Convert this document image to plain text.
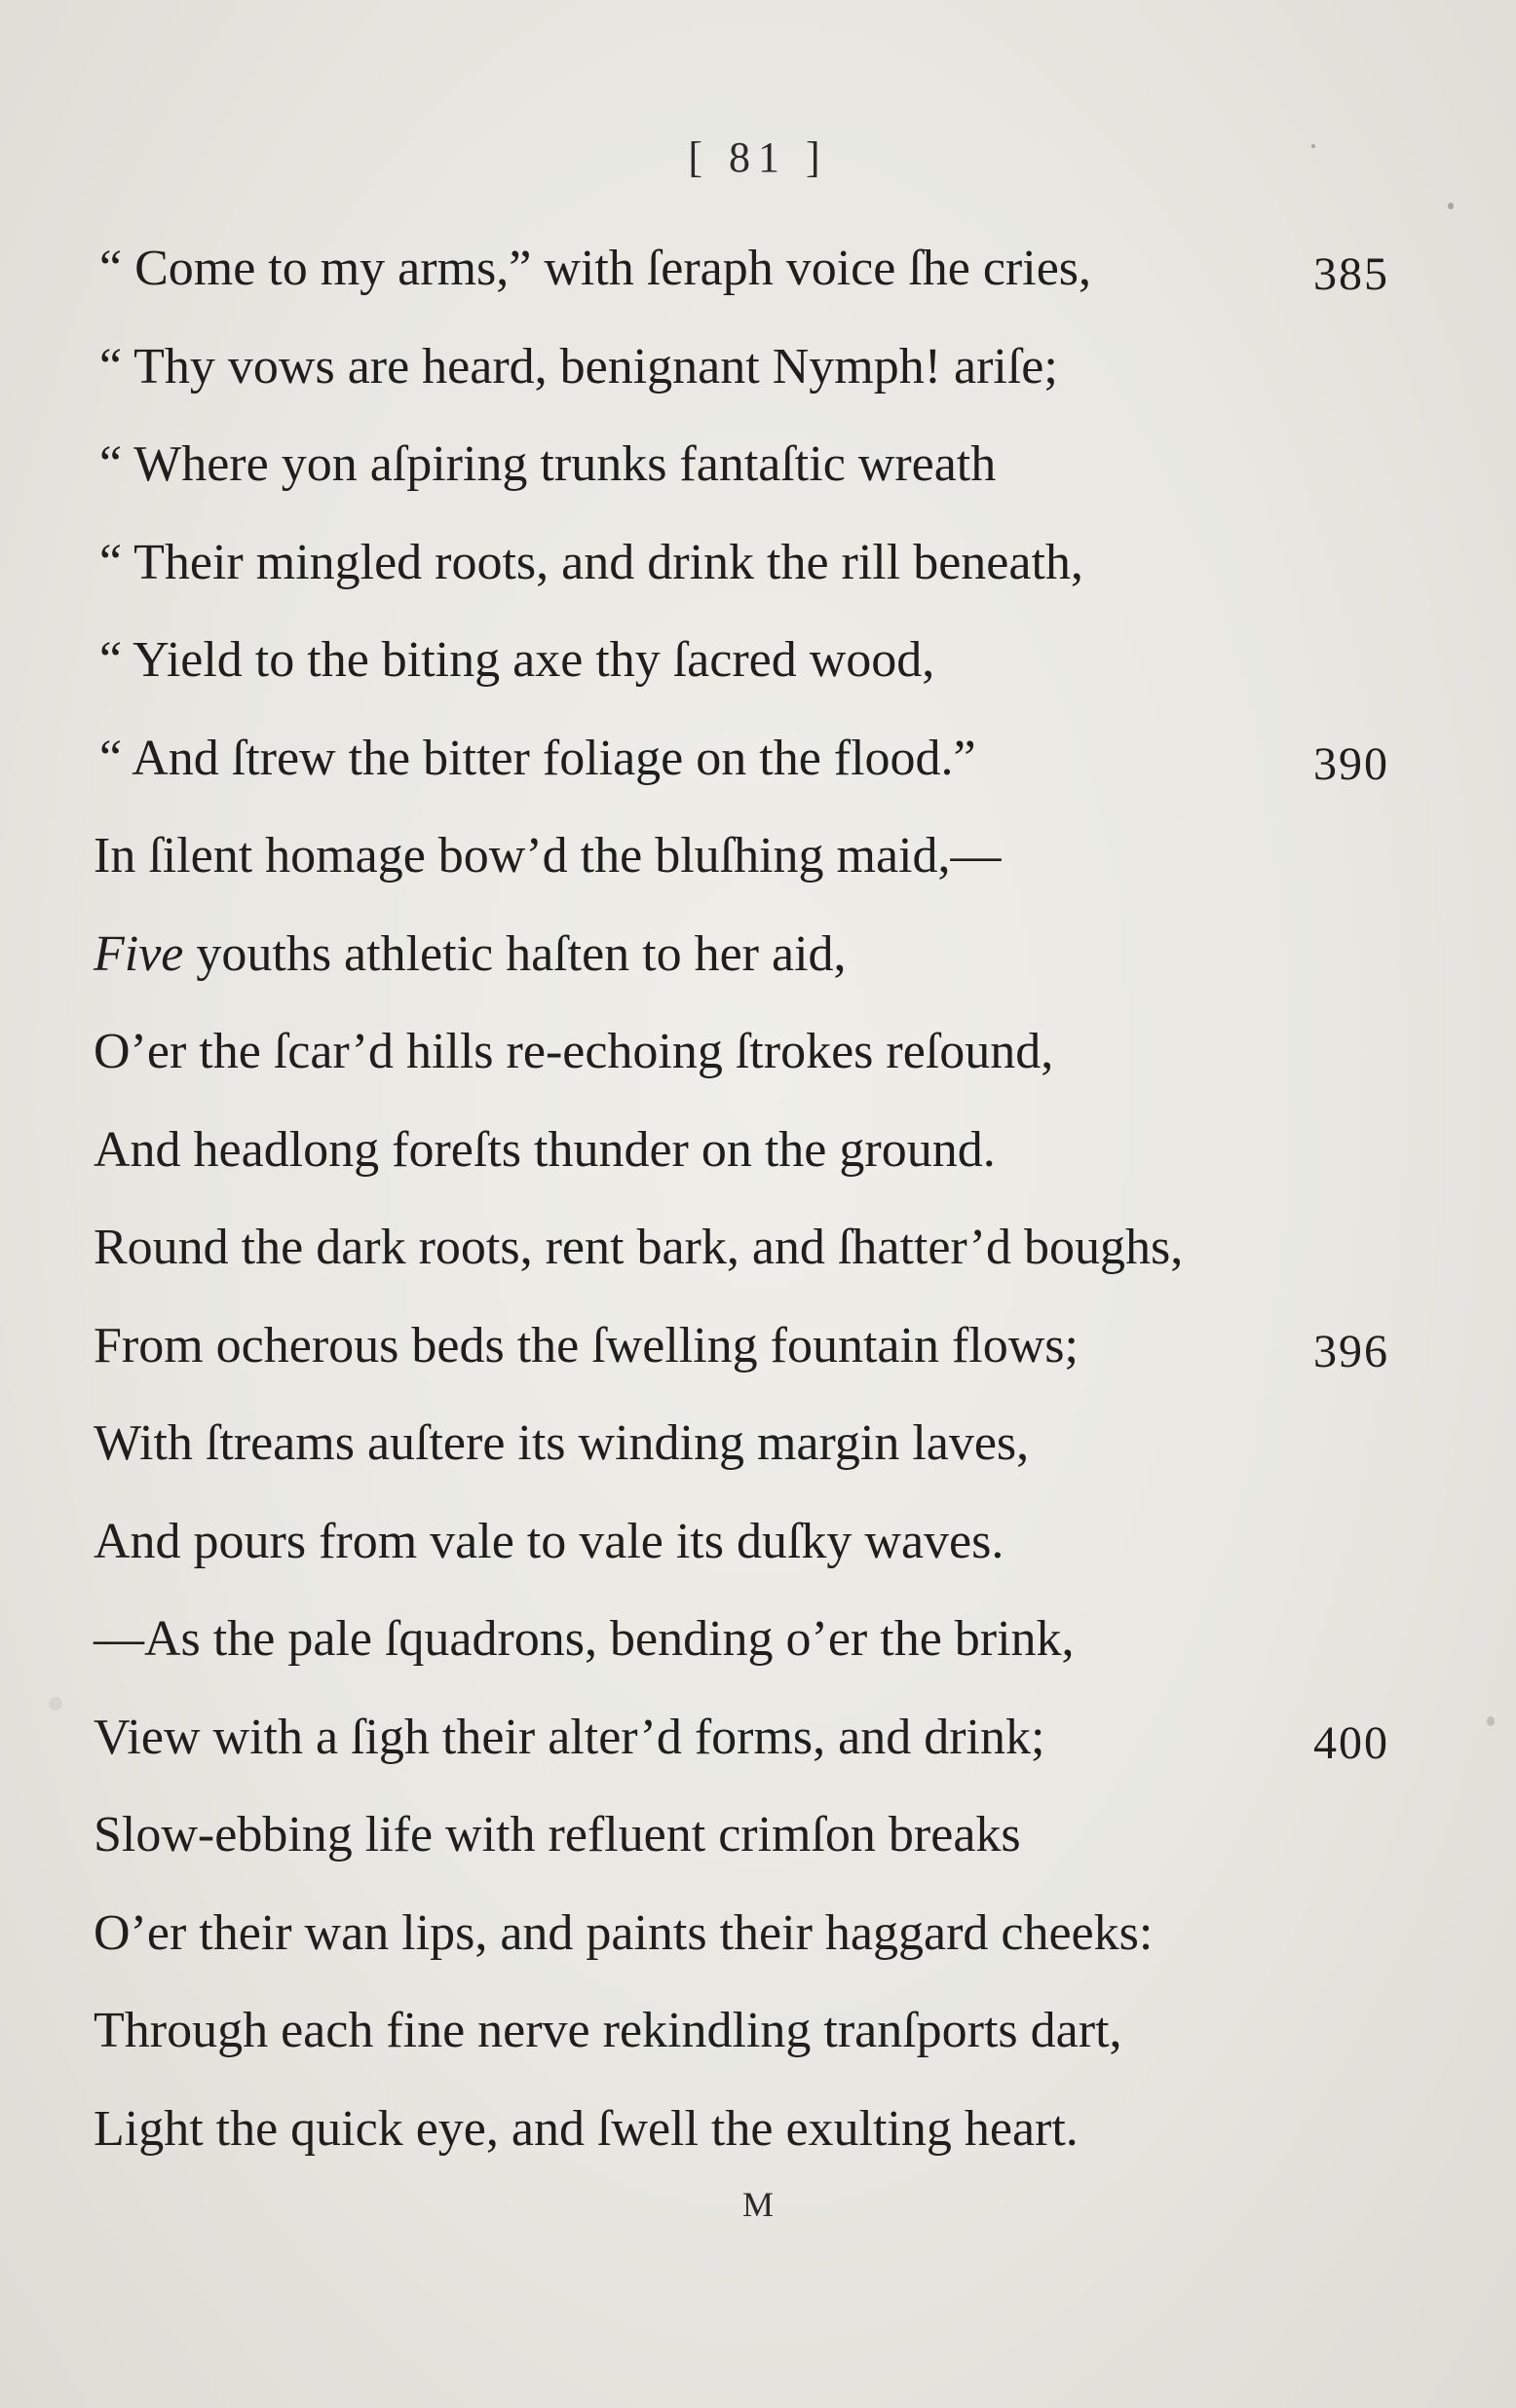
[ 81 ]
“ Come to my arms,” with ſeraph voice ſhe cries,	385
“ Thy vows are heard, benignant Nymph! ariſe;
“ Where yon aſpiring trunks fantaſtic wreath
“ Their mingled roots, and drink the rill beneath,
“ Yield to the biting axe thy ſacred wood,
“ And ſtrew the bitter foliage on the flood.”	390
In ſilent homage bow’d the bluſhing maid,—
Five youths athletic haſten to her aid,
O’er the ſcar’d hills re-echoing ſtrokes reſound,
And headlong foreſts thunder on the ground.
Round the dark roots, rent bark, and ſhatter’d boughs,
From ocherous beds the ſwelling fountain flows;	396
With ſtreams auſtere its winding margin laves,
And pours from vale to vale its duſky waves.
—As the pale ſquadrons, bending o’er the brink,
View with a ſigh their alter’d forms, and drink;	400
Slow-ebbing life with refluent crimſon breaks
O’er their wan lips, and paints their haggard cheeks:
Through each fine nerve rekindling tranſports dart,
Light the quick eye, and ſwell the exulting heart.
M
